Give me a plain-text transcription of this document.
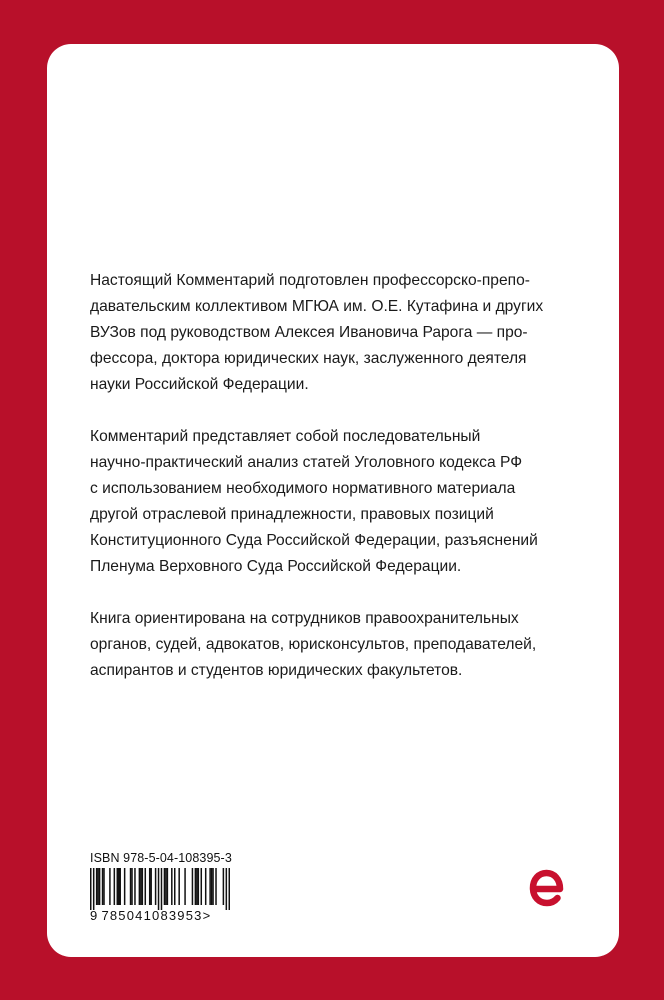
Настоящий Комментарий подготовлен профессорско-препо-
давательским коллективом МГЮА им. О.Е. Кутафина и других
ВУЗов под руководством Алексея Ивановича Рарога — про-
фессора, доктора юридических наук, заслуженного деятеля
науки Российской Федерации.

Комментарий представляет собой последовательный
научно-практический анализ статей Уголовного кодекса РФ
с использованием необходимого нормативного материала
другой отраслевой принадлежности, правовых позиций
Конституционного Суда Российской Федерации, разъяснений
Пленума Верховного Суда Российской Федерации.

Книга ориентирована на сотрудников правоохранительных
органов, судей, адвокатов, юрисконсультов, преподавателей,
аспирантов и студентов юридических факультетов.

ISBN 978-5-04-108395-3
9 785041083953>
